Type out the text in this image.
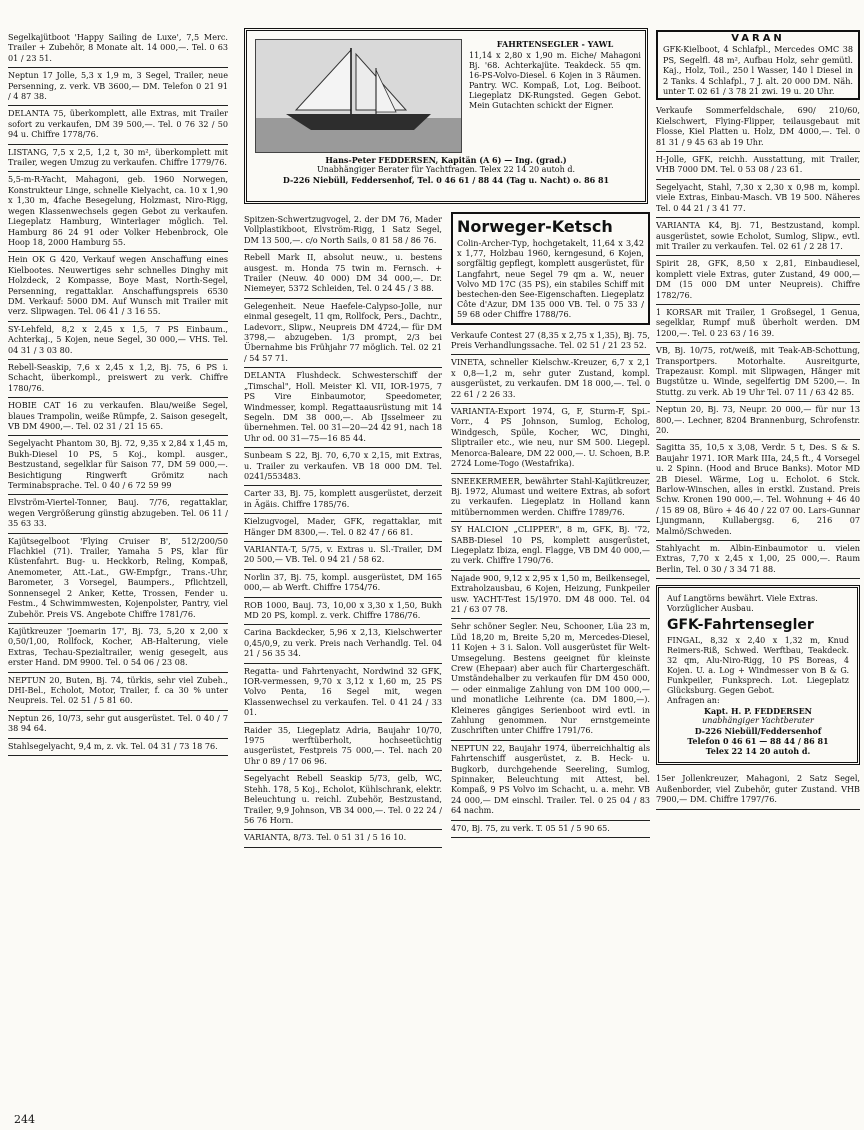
Segelkajütboot 'Happy Sailing de Luxe', 7,5 Merc. Trailer + Zubehör, 8 Monate alt. 14 000,—. Tel. 0 63 01 / 23 51.
Neptun 17 Jolle, 5,3 x 1,9 m, 3 Segel, Trailer, neue Persenning, z. verk. VB 3600,— DM. Telefon 0 21 91 / 4 87 38.
DELANTA 75, überkomplett, alle Extras, mit Trailer sofort zu verkaufen, DM 39 500,—. Tel. 0 76 32 / 50 94 u. Chiffre 1778/76.
LISTANG, 7,5 x 2,5, 1,2 t, 30 m², überkomplett mit Trailer, wegen Umzug zu verkaufen. Chiffre 1779/76.
5,5-m-R-Yacht, Mahagoni, geb. 1960 Norwegen, Konstrukteur Linge, schnelle Kielyacht, ca. 10 x 1,90 x 1,30 m, 4fache Besegelung, Holzmast, Niro-Rigg, wegen Klassenwechsels gegen Gebot zu verkaufen. Liegeplatz Hamburg, Winterlager möglich. Tel. Hamburg 86 24 91 oder Volker Hebenbrock, Ole Hoop 18, 2000 Hamburg 55.
Hein OK G 420, Verkauf wegen Anschaffung eines Kielbootes. Neuwertiges sehr schnelles Dinghy mit Holzdeck, 2 Kompasse, Boye Mast, North-Segel, Persenning, regattaklar. Anschaffungspreis 6530 DM. Verkauf: 5000 DM. Auf Wunsch mit Trailer mit verz. Slipwagen. Tel. 06 41 / 3 16 55.
SY-Lehfeld, 8,2 x 2,45 x 1,5, 7 PS Einbaum., Achterkaj., 5 Kojen, neue Segel, 30 000,— VHS. Tel. 04 31 / 3 03 80.
Rebell-Seaskip, 7,6 x 2,45 x 1,2, Bj. 75, 6 PS i. Schacht, überkompl., preiswert zu verk. Chiffre 1780/76.
HOBIE CAT 16 zu verkaufen. Blau/weiße Segel, blaues Trampolin, weiße Rümpfe, 2. Saison gesegelt, VB DM 4900,—. Tel. 02 31 / 21 15 65.
Segelyacht Phantom 30, Bj. 72, 9,35 x 2,84 x 1,45 m, Bukh-Diesel 10 PS, 5 Koj., kompl. ausger., Bestzustand, segelklar für Saison 77, DM 59 000,—. Besichtigung Ringwerft Grömitz nach Terminabsprache. Tel. 0 40 / 6 72 59 99
Elvström-Viertel-Tonner, Bauj. 7/76, regattaklar, wegen Vergrößerung günstig abzugeben. Tel. 06 11 / 35 63 33.
Kajütsegelboot 'Flying Cruiser B', 512/200/50 Flachkiel (71). Trailer, Yamaha 5 PS, klar für Küstenfahrt. Bug- u. Heckkorb, Reling, Kompaß, Anemometer, Att.-Lat., GW-Empfgr., Trans.-Uhr, Barometer, 3 Vorsegel, Baumpers., Pflichtzell, Sonnensegel 2 Anker, Kette, Trossen, Fender u. Festm., 4 Schwimmwesten, Kojenpolster, Pantry, viel Zubehör. Preis VS. Angebote Chiffre 1781/76.
Kajütkreuzer 'Joemarin 17', Bj. 73, 5,20 x 2,00 x 0,50/1,00, Rollfock, Kocher, AB-Halterung, viele Extras, Techau-Spezialtrailer, wenig gesegelt, aus erster Hand. DM 9900. Tel. 0 54 06 / 23 08.
NEPTUN 20, Buten, Bj. 74, türkis, sehr viel Zubeh., DHI-Bel., Echolot, Motor, Trailer, f. ca 30 % unter Neupreis. Tel. 02 51 / 5 81 60.
Neptun 26, 10/73, sehr gut ausgerüstet. Tel. 0 40 / 7 38 94 64.
Stahlsegelyacht, 9,4 m, z. vk. Tel. 04 31 / 73 18 76.
FAHRTENSEGLER - YAWL
11,14 x 2,80 x 1,90 m. Eiche/ Mahagoni Bj. '68. Achterkajüte. Teakdeck. 55 qm. 16-PS-Volvo-Diesel. 6 Kojen in 3 Räumen. Pantry. WC. Kompaß, Lot, Log. Beiboot. Liegeplatz DK-Rungsted. Gegen Gebot. Mein Gutachten schickt der Eigner.
Hans-Peter FEDDERSEN, Kapitän (A 6) — Ing. (grad.)
Unabhängiger Berater für Yachtfragen. Telex 22 14 20 autoh d.
D-226 Niebüll, Feddersenhof, Tel. 0 46 61 / 88 44 (Tag u. Nacht) o. 86 81
Spitzen-Schwertzugvogel, 2. der DM 76, Mader Vollplastikboot, Elvström-Rigg, 1 Satz Segel, DM 13 500,—. c/o North Sails, 0 81 58 / 86 76.
Rebell Mark II, absolut neuw., u. bestens ausgest. m. Honda 75 twin m. Fernsch. + Trailer (Neuw. 40 000) DM 34 000,—. Dr. Niemeyer, 5372 Schleiden, Tel. 0 24 45 / 3 88.
Gelegenheit. Neue Haefele-Calypso-Jolle, nur einmal gesegelt, 11 qm, Rollfock, Pers., Dachtr., Ladevorr., Slipw., Neupreis DM 4724,— für DM 3798,— abzugeben. 1/3 prompt, 2/3 bei Übernahme bis Frühjahr 77 möglich. Tel. 02 21 / 54 57 71.
DELANTA Flushdeck. Schwesterschiff der „Timschal", Holl. Meister Kl. VII, IOR-1975, 7 PS Vire Einbaumotor, Speedometer, Windmesser, kompl. Regattaausrüstung mit 14 Segeln. DM 38 000,—. Ab IJsselmeer zu übernehmen. Tel. 00 31—20—24 42 91, nach 18 Uhr od. 00 31—75—16 85 44.
Sunbeam S 22, Bj. 70, 6,70 x 2,15, mit Extras, u. Trailer zu verkaufen. VB 18 000 DM. Tel. 0241/553483.
Carter 33, Bj. 75, komplett ausgerüstet, derzeit in Ägäis. Chiffre 1785/76.
Kielzugvogel, Mader, GFK, regattaklar, mit Hänger DM 8300,—. Tel. 0 82 47 / 66 81.
VARIANTA-T, 5/75, v. Extras u. Sl.-Trailer, DM 20 500,— VB. Tel. 0 94 21 / 58 62.
Norlin 37, Bj. 75, kompl. ausgerüstet, DM 165 000,— ab Werft. Chiffre 1754/76.
ROB 1000, Bauj. 73, 10,00 x 3,30 x 1,50, Bukh MD 20 PS, kompl. z. verk. Chiffre 1786/76.
Carina Backdecker, 5,96 x 2,13, Kielschwerter 0,45/0,9, zu verk. Preis nach Verhandlg. Tel. 04 21 / 56 35 34.
Regatta- und Fahrtenyacht, Nordwind 32 GFK, IOR-vermessen, 9,70 x 3,12 x 1,60 m, 25 PS Volvo Penta, 16 Segel mit, wegen Klassenwechsel zu verkaufen. Tel. 0 41 24 / 33 01.
Raider 35, Liegeplatz Adria, Baujahr 10/70, 1975 werftüberholt, hochseetüchtig ausgerüstet, Festpreis 75 000,—. Tel. nach 20 Uhr 0 89 / 17 06 96.
Segelyacht Rebell Seaskip 5/73, gelb, WC, Stehh. 178, 5 Koj., Echolot, Kühlschrank, elektr. Beleuchtung u. reichl. Zubehör, Bestzustand, Trailer, 9,9 Johnson, VB 34 000,—. Tel. 0 22 24 / 56 76 Horn.
VARIANTA, 8/73. Tel. 0 51 31 / 5 16 10.
Norweger-Ketsch
Colin-Archer-Typ, hochgetakelt, 11,64 x 3,42 x 1,77, Holzbau 1960, kerngesund, 6 Kojen, sorgfältig gepflegt, komplett ausgerüstet, für Langfahrt, neue Segel 79 qm a. W., neuer Volvo MD 17C (35 PS), ein stabiles Schiff mit bestechen-den See-Eigenschaften. Liegeplatz Côte d'Azur, DM 135 000 VB. Tel. 0 75 33 / 59 68 oder Chiffre 1788/76.
Verkaufe Contest 27 (8,35 x 2,75 x 1,35), Bj. 75, Preis Verhandlungssache. Tel. 02 51 / 21 23 52.
VINETA, schneller Kielschw.-Kreuzer, 6,7 x 2,1 x 0,8—1,2 m, sehr guter Zustand, kompl. ausgerüstet, zu verkaufen. DM 18 000,—. Tel. 0 22 61 / 2 26 33.
VARIANTA-Export 1974, G, F, Sturm-F, Spi.-Vorr., 4 PS Johnson, Sumlog, Echolog, Windgesch, Spüle, Kocher, WC, Dinghi, Sliptrailer etc., wie neu, nur SM 500. Liegepl. Menorca-Baleare, DM 22 000,—. U. Schoen, B.P. 2724 Lome-Togo (Westafrika).
SNEEKERMEER, bewährter Stahl-Kajütkreuzer, Bj. 1972, Alumast und weitere Extras, ab sofort zu verkaufen. Liegeplatz in Holland kann mitübernommen werden. Chiffre 1789/76.
SY HALCION „CLIPPER", 8 m, GFK, Bj. '72, SABB-Diesel 10 PS, komplett ausgerüstet, Liegeplatz Ibiza, engl. Flagge, VB DM 40 000,— zu verk. Chiffre 1790/76.
Najade 900, 9,12 x 2,95 x 1,50 m, Beilkensegel, Extraholzausbau, 6 Kojen, Heizung, Funkpeiler usw. YACHT-Test 15/1970. DM 48 000. Tel. 04 21 / 63 07 78.
Sehr schöner Segler. Neu, Schooner, Lüa 23 m, Lüd 18,20 m, Breite 5,20 m, Mercedes-Diesel, 11 Kojen + 3 i. Salon. Voll ausgerüstet für Welt-Umsegelung. Bestens geeignet für kleinste Crew (Ehepaar) aber auch für Chartergeschäft. Umständehalber zu verkaufen für DM 450 000,— oder einmalige Zahlung von DM 100 000,— und monatliche Leihrente (ca. DM 1800,—). Kleineres gängiges Serienboot wird evtl. in Zahlung genommen. Nur ernstgemeinte Zuschriften unter Chiffre 1791/76.
NEPTUN 22, Baujahr 1974, überreichhaltig als Fahrtenschiff ausgerüstet, z. B. Heck- u. Bugkorb, durchgehende Seereling, Sumlog, Spinnaker, Beleuchtung mit Attest, bel. Kompaß, 9 PS Volvo im Schacht, u. a. mehr. VB 24 000,— DM einschl. Trailer. Tel. 0 25 04 / 83 64 nachm.
470, Bj. 75, zu verk. T. 05 51 / 5 90 65.
VARAN
GFK-Kielboot, 4 Schlafpl., Mercedes OMC 38 PS, Segelfl. 48 m², Aufbau Holz, sehr gemütl. Kaj., Holz, Toil., 250 l Wasser, 140 l Diesel in 2 Tanks. 4 Schlafpl., 7 J. alt. 20 000 DM. Näh. unter T. 02 61 / 3 78 21 zwi. 19 u. 20 Uhr.
Verkaufe Sommerfeldschale, 690/ 210/60, Kielschwert, Flying-Flipper, teilausgebaut mit Flosse, Kiel Platten u. Holz, DM 4000,—. Tel. 0 81 31 / 9 45 63 ab 19 Uhr.
H-Jolle, GFK, reichh. Ausstattung, mit Trailer, VHB 7000 DM. Tel. 0 53 08 / 23 61.
Segelyacht, Stahl, 7,30 x 2,30 x 0,98 m, kompl. viele Extras, Einbau-Masch. VB 19 500. Näheres Tel. 0 44 21 / 3 41 77.
VARIANTA K4, Bj. 71, Bestzustand, kompl. ausgerüstet, sowie Echolot, Sumlog, Slipw., evtl. mit Trailer zu verkaufen. Tel. 02 61 / 2 28 17.
Spirit 28, GFK, 8,50 x 2,81, Einbaudiesel, komplett viele Extras, guter Zustand, 49 000,— DM (15 000 DM unter Neupreis). Chiffre 1782/76.
1 KORSAR mit Trailer, 1 Großsegel, 1 Genua, segelklar, Rumpf muß überholt werden. DM 1200,—. Tel. 0 23 63 / 16 39.
VB, Bj. 10/75, rot/weiß, mit Teak-AB-Schottung, Transportpers. Motorhalte. Ausreitgurte, Trapezausr. Kompl. mit Slipwagen, Hänger mit Bugstütze u. Winde, segelfertig DM 5200,—. In Stuttg. zu verk. Ab 19 Uhr Tel. 07 11 / 63 42 85.
Neptun 20, Bj. 73, Neupr. 20 000,— für nur 13 800,—. Lechner, 8204 Brannenburg, Schrofenstr. 20.
Sagitta 35, 10,5 x 3,08, Verdr. 5 t, Des. S & S. Baujahr 1971. IOR Mark IIIa, 24,5 ft., 4 Vorsegel u. 2 Spinn. (Hood and Bruce Banks). Motor MD 2B Diesel. Wärme, Log u. Echolot. 6 Stck. Barlow-Winschen, alles in erstkl. Zustand. Preis Schw. Kronen 190 000,—. Tel. Wohnung + 46 40 / 15 89 08, Büro + 46 40 / 22 07 00. Lars-Gunnar Ljungmann, Kullabergsg. 6, 216 07 Malmö/Schweden.
Stahlyacht m. Albin-Einbaumotor u. vielen Extras, 7,70 x 2,45 x 1,00, 25 000,—. Raum Berlin, Tel. 0 30 / 3 34 71 88.
Auf Langtörns bewährt. Viele Extras. Vorzüglicher Ausbau.
GFK-Fahrtensegler
FINGAL, 8,32 x 2,40 x 1,32 m, Knud Reimers-Riß, Schwed. Werftbau, Teakdeck. 32 qm, Alu-Niro-Rigg, 10 PS Boreas, 4 Kojen. U. a. Log + Windmesser von B & G. Funkpeiler, Funksprech. Lot. Liegeplatz Glücksburg. Gegen Gebot.
Anfragen an:
Kapt. H. P. FEDDERSEN
unabhängiger Yachtberater
D-226 Niebüll/Feddersenhof
Telefon 0 46 61 — 88 44 / 86 81
Telex 22 14 20 autoh d.
15er Jollenkreuzer, Mahagoni, 2 Satz Segel, Außenborder, viel Zubehör, guter Zustand. VHB 7900,— DM. Chiffre 1797/76.
244
